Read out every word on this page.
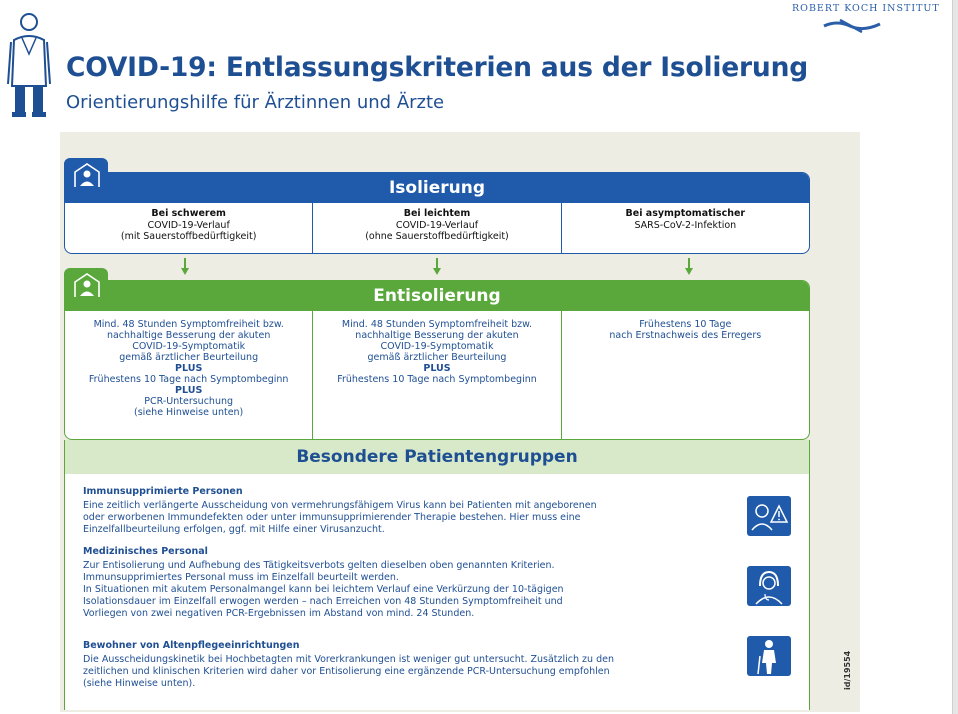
ROBERT KOCH INSTITUT
COVID-19: Entlassungskriterien aus der Isolierung
Orientierungshilfe für Ärztinnen und Ärzte
Isolierung
Bei schwerem
COVID-19-Verlauf
(mit Sauerstoffbedürftigkeit)
Bei leichtem
COVID-19-Verlauf
(ohne Sauerstoffbedürftigkeit)
Bei asymptomatischer
SARS-CoV-2-Infektion
Entisolierung
Mind. 48 Stunden Symptomfreiheit bzw.
nachhaltige Besserung der akuten
COVID-19-Symptomatik
gemäß ärztlicher Beurteilung
PLUS
Frühestens 10 Tage nach Symptombeginn
PLUS
PCR-Untersuchung
(siehe Hinweise unten)
Mind. 48 Stunden Symptomfreiheit bzw.
nachhaltige Besserung der akuten
COVID-19-Symptomatik
gemäß ärztlicher Beurteilung
PLUS
Frühestens 10 Tage nach Symptombeginn
Frühestens 10 Tage
nach Erstnachweis des Erregers
Besondere Patientengruppen
Immunsupprimierte Personen
Eine zeitlich verlängerte Ausscheidung von vermehrungsfähigem Virus kann bei Patienten mit angeborenen
oder erworbenen Immundefekten oder unter immunsupprimierender Therapie bestehen. Hier muss eine
Einzelfallbeurteilung erfolgen, ggf. mit Hilfe einer Virusanzucht.
Medizinisches Personal
Zur Entisolierung und Aufhebung des Tätigkeitsverbots gelten dieselben oben genannten Kriterien.
Immunsupprimiertes Personal muss im Einzelfall beurteilt werden.
In Situationen mit akutem Personalmangel kann bei leichtem Verlauf eine Verkürzung der 10-tägigen
Isolationsdauer im Einzelfall erwogen werden – nach Erreichen von 48 Stunden Symptomfreiheit und
Vorliegen von zwei negativen PCR-Ergebnissen im Abstand von mind. 24 Stunden.
Bewohner von Altenpflegeeinrichtungen
Die Ausscheidungskinetik bei Hochbetagten mit Vorerkrankungen ist weniger gut untersucht. Zusätzlich zu den
zeitlichen und klinischen Kriterien wird daher vor Entisolierung eine ergänzende PCR-Untersuchung empfohlen
(siehe Hinweise unten).	id/19554
